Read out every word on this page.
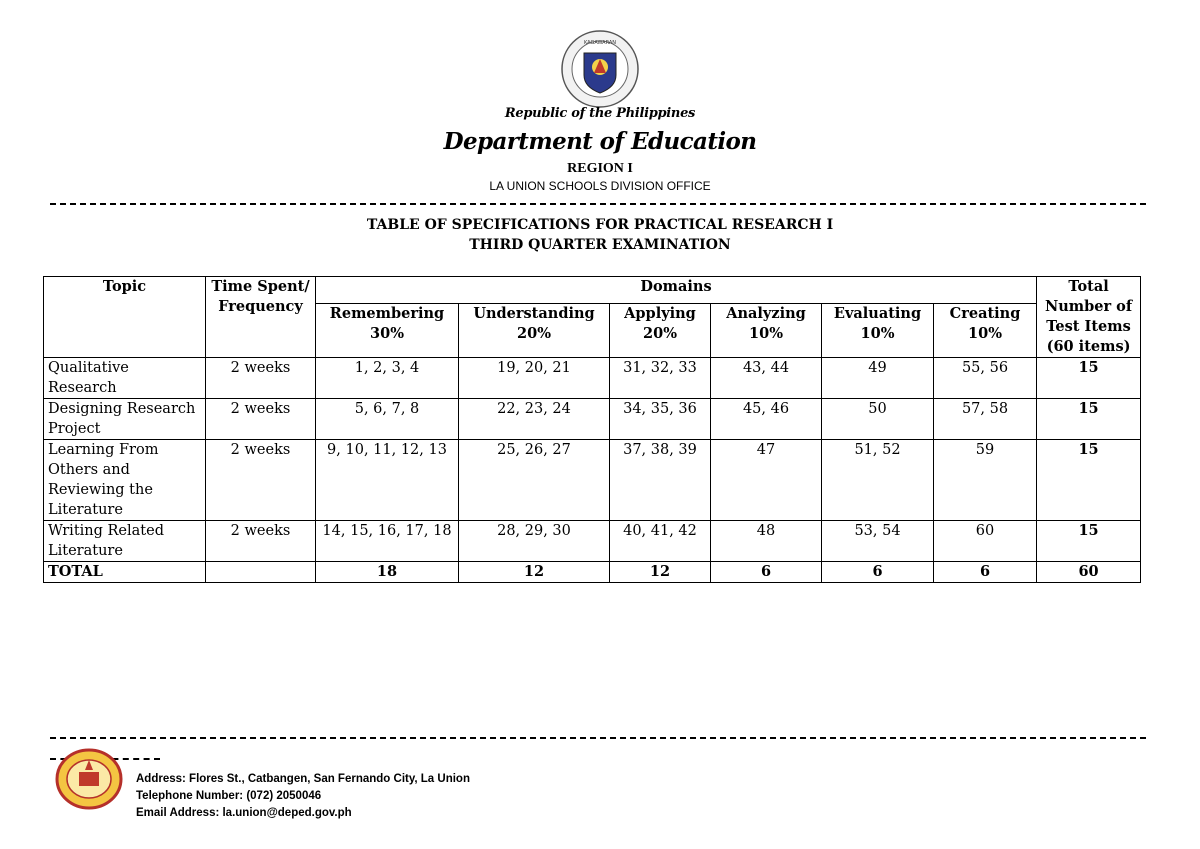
KAGAWARAN
Republic of the Philippines
Department of Education
REGION I
LA UNION SCHOOLS DIVISION OFFICE
TABLE OF SPECIFICATIONS FOR PRACTICAL RESEARCH I
THIRD QUARTER EXAMINATION
Topic	Time Spent/ Frequency	Domains						Total Number of Test Items (60 items)
		Remembering 30%	Understanding 20%	Applying 20%	Analyzing 10%	Evaluating 10%	Creating 10%	
Qualitative Research	2 weeks	1, 2, 3, 4	19, 20, 21	31, 32, 33	43, 44	49	55, 56	15
Designing Research Project	2 weeks	5, 6, 7, 8	22, 23, 24	34, 35, 36	45, 46	50	57, 58	15
Learning From Others and Reviewing the Literature	2 weeks	9, 10, 11, 12, 13	25, 26, 27	37, 38, 39	47	51, 52	59	15
Writing Related Literature	2 weeks	14, 15, 16, 17, 18	28, 29, 30	40, 41, 42	48	53, 54	60	15
TOTAL		18	12	12	6	6	6	60
Address: Flores St., Catbangen, San Fernando City, La Union
Telephone Number: (072) 2050046
Email Address: la.union@deped.gov.ph
